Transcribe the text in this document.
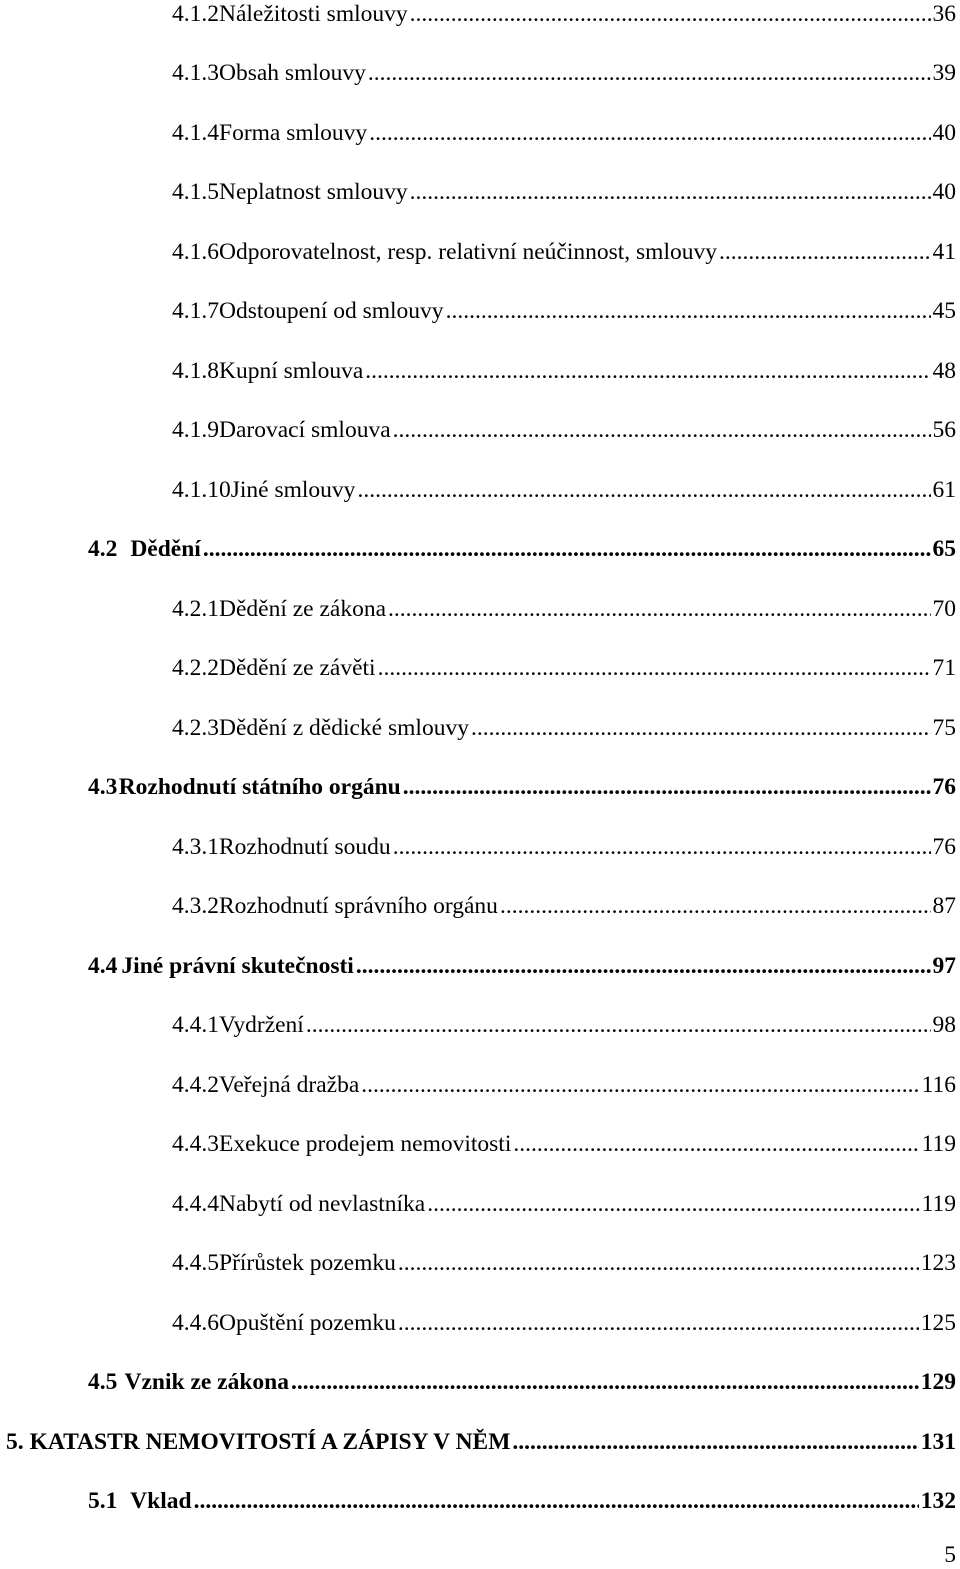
4.1.2 Náležitosti smlouvy .....	36
4.1.3 Obsah smlouvy .....	39
4.1.4 Forma smlouvy .....	40
4.1.5 Neplatnost smlouvy .....	40
4.1.6 Odporovatelnost, resp. relativní neúčinnost, smlouvy .....	41
4.1.7 Odstoupení od smlouvy .....	45
4.1.8 Kupní smlouva .....	48
4.1.9 Darovací smlouva .....	56
4.1.10 Jiné smlouvy .....	61
4.2 Dědění .....	65
4.2.1 Dědění ze zákona .....	70
4.2.2 Dědění ze závěti .....	71
4.2.3 Dědění z dědické smlouvy .....	75
4.3 Rozhodnutí státního orgánu .....	76
4.3.1 Rozhodnutí soudu .....	76
4.3.2 Rozhodnutí správního orgánu .....	87
4.4 Jiné právní skutečnosti .....	97
4.4.1 Vydržení .....	98
4.4.2 Veřejná dražba .....	116
4.4.3 Exekuce prodejem nemovitosti .....	119
4.4.4 Nabytí od nevlastníka .....	119
4.4.5 Přírůstek pozemku .....	123
4.4.6 Opuštění pozemku .....	125
4.5 Vznik ze zákona .....	129
5. KATASTR NEMOVITOSTÍ A ZÁPISY V NĚM .....	131
5.1 Vklad .....	132
5
